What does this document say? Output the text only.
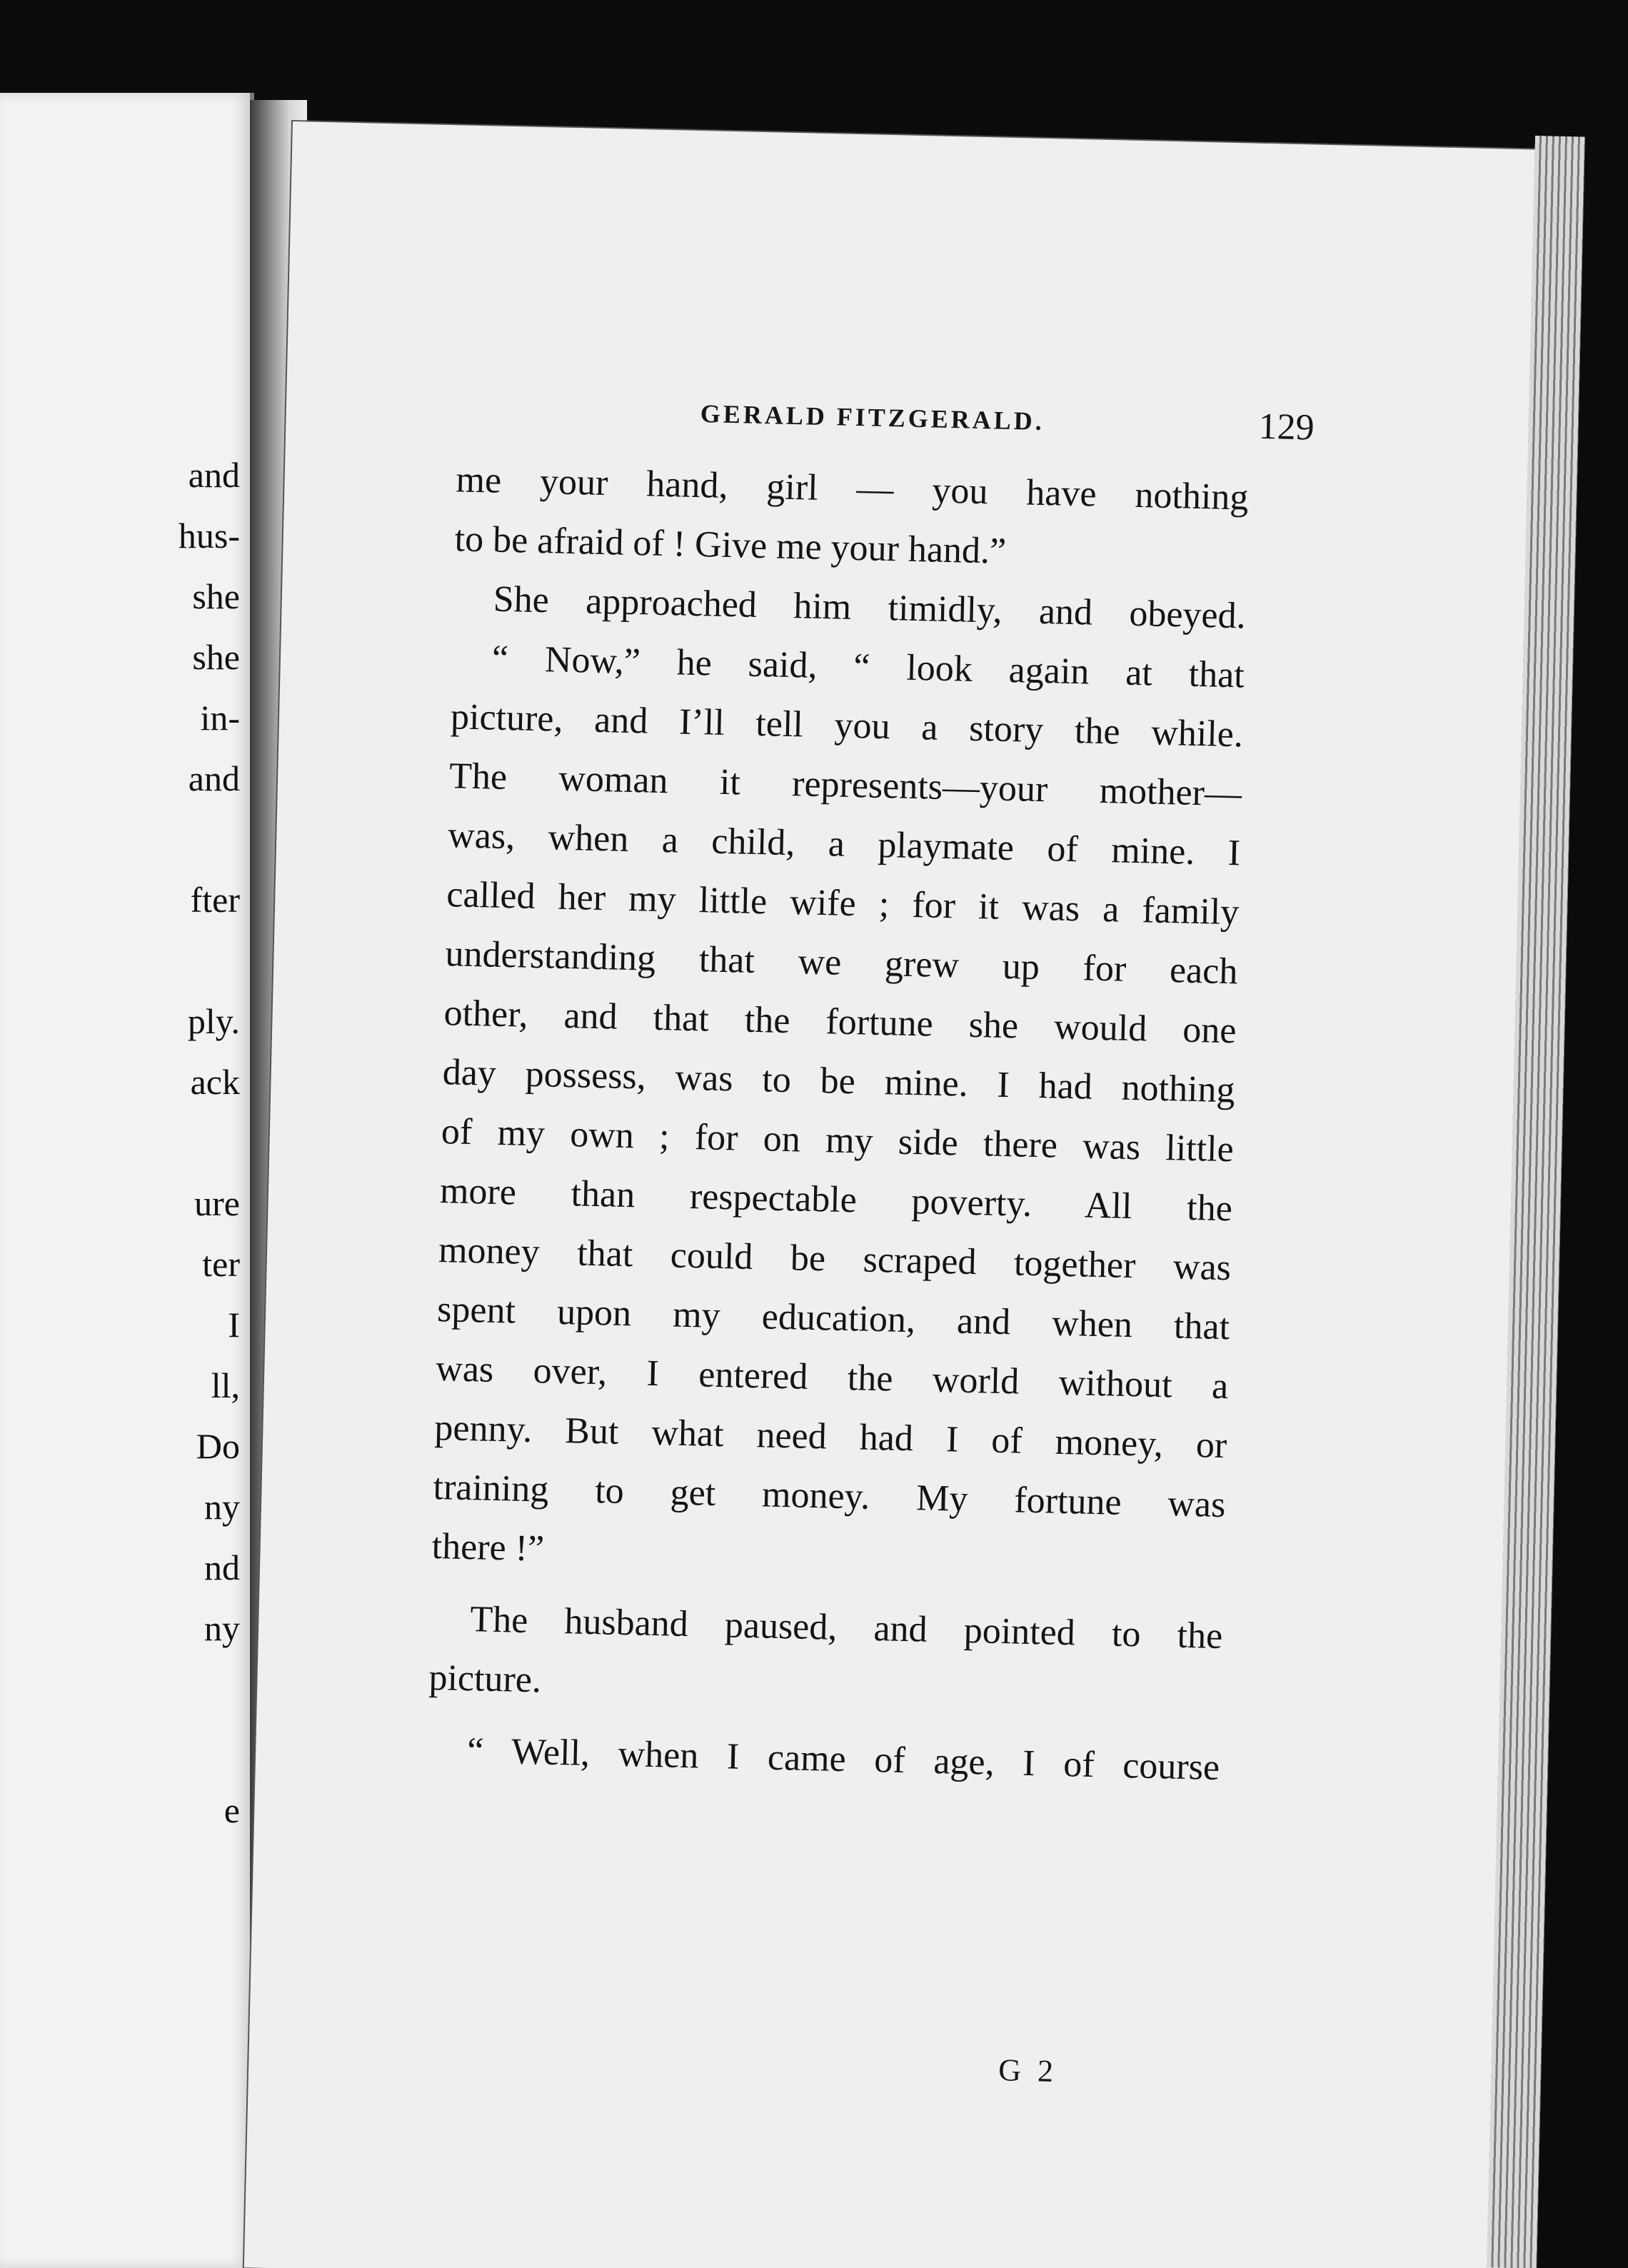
and
hus-
she
she
in-
and
fter
ply.
ack
ure
ter
I
ll,
Do
ny
nd
ny
e
GERALD FITZGERALD.	129
me your hand, girl — you have nothing
to be afraid of ! Give me your hand.”
She approached him timidly, and obeyed.
“ Now,” he said, “ look again at that
picture, and I’ll tell you a story the while.
The woman it represents—your mother—
was, when a child, a playmate of mine. I
called her my little wife ; for it was a family
understanding that we grew up for each
other, and that the fortune she would one
day possess, was to be mine. I had nothing
of my own ; for on my side there was little
more than respectable poverty. All the
money that could be scraped together was
spent upon my education, and when that
was over, I entered the world without a
penny. But what need had I of money, or
training to get money. My fortune was
there !”
The husband paused, and pointed to the
picture.
“ Well, when I came of age, I of course
G 2
